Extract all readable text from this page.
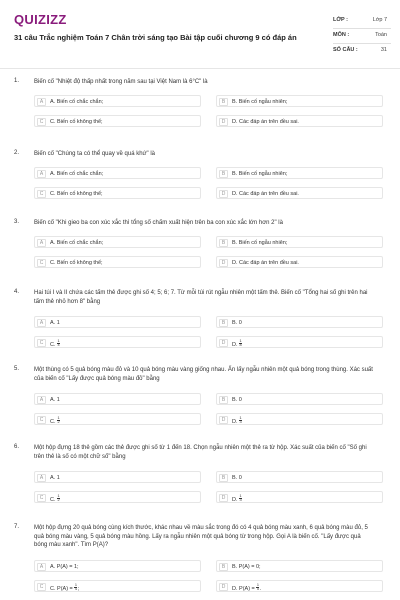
QUIZIZZ
31 câu Trắc nghiệm Toán 7 Chân trời sáng tạo Bài tập cuối chương 9 có đáp án
LỚP :	Lớp 7
MÔN :	Toán
SỐ CÂU :	31
1. Biến cố "Nhiệt độ thấp nhất trong năm sau tại Việt Nam là 6°C" là
A	A. Biến cố chắc chắn;	B	B. Biến cố ngẫu nhiên;
C	C. Biến cố không thể;	D	D. Các đáp án trên đều sai.
2. Biến cố "Chúng ta có thể quay về quá khứ" là
A	A. Biến cố chắc chắn;	B	B. Biến cố ngẫu nhiên;
C	C. Biến cố không thể;	D	D. Các đáp án trên đều sai.
3. Biến cố "Khi gieo ba con xúc xắc thì tổng số chấm xuất hiện trên ba con xúc xắc lớn hơn 2" là
A	A. Biến cố chắc chắn;	B	B. Biến cố ngẫu nhiên;
C	C. Biến cố không thể;	D	D. Các đáp án trên đều sai.
4. Hai túi I và II chứa các tấm thẻ được ghi số 4; 5; 6; 7. Từ mỗi túi rút ngẫu nhiên một tấm thẻ. Biến cố "Tổng hai số ghi trên hai tấm thẻ nhỏ hơn 8" bằng
A	A. 1	B	B. 0
C	C. $\frac{1}{4}$	D	D. $\frac{1}{8}$
5. Một thùng có 5 quả bóng màu đỏ và 10 quả bóng màu vàng giống nhau. Ấn lấy ngẫu nhiên một quả bóng trong thùng. Xác suất của biến cố "Lấy được quả bóng màu đỏ" bằng
A	A. 1	B	B. 0
C	C. $\frac{1}{2}$	D	D. $\frac{1}{3}$
6. Một hộp đựng 18 thẻ gồm các thẻ được ghi số từ 1 đến 18. Chọn ngẫu nhiên một thẻ ra từ hộp. Xác suất của biến cố "Số ghi trên thẻ là số có một chữ số" bằng
A	A. 1	B	B. 0
C	C. $\frac{1}{2}$	D	D. $\frac{1}{3}$
7. Một hộp đựng 20 quả bóng cùng kích thước, khác nhau về màu sắc trong đó có 4 quả bóng màu xanh, 6 quả bóng màu đỏ, 5 quả bóng màu vàng, 5 quả bóng màu hồng. Lấy ra ngẫu nhiên một quả bóng từ trong hộp. Gọi A là biến cố. "Lấy được quả bóng màu xanh". Tìm P(A)?
A	A. P(A) = 1;	B	B. P(A) = 0;
C	C. $P(A) = \frac{1}{4}$ ;	D	D. $P(A) = \frac{1}{5}$ .
